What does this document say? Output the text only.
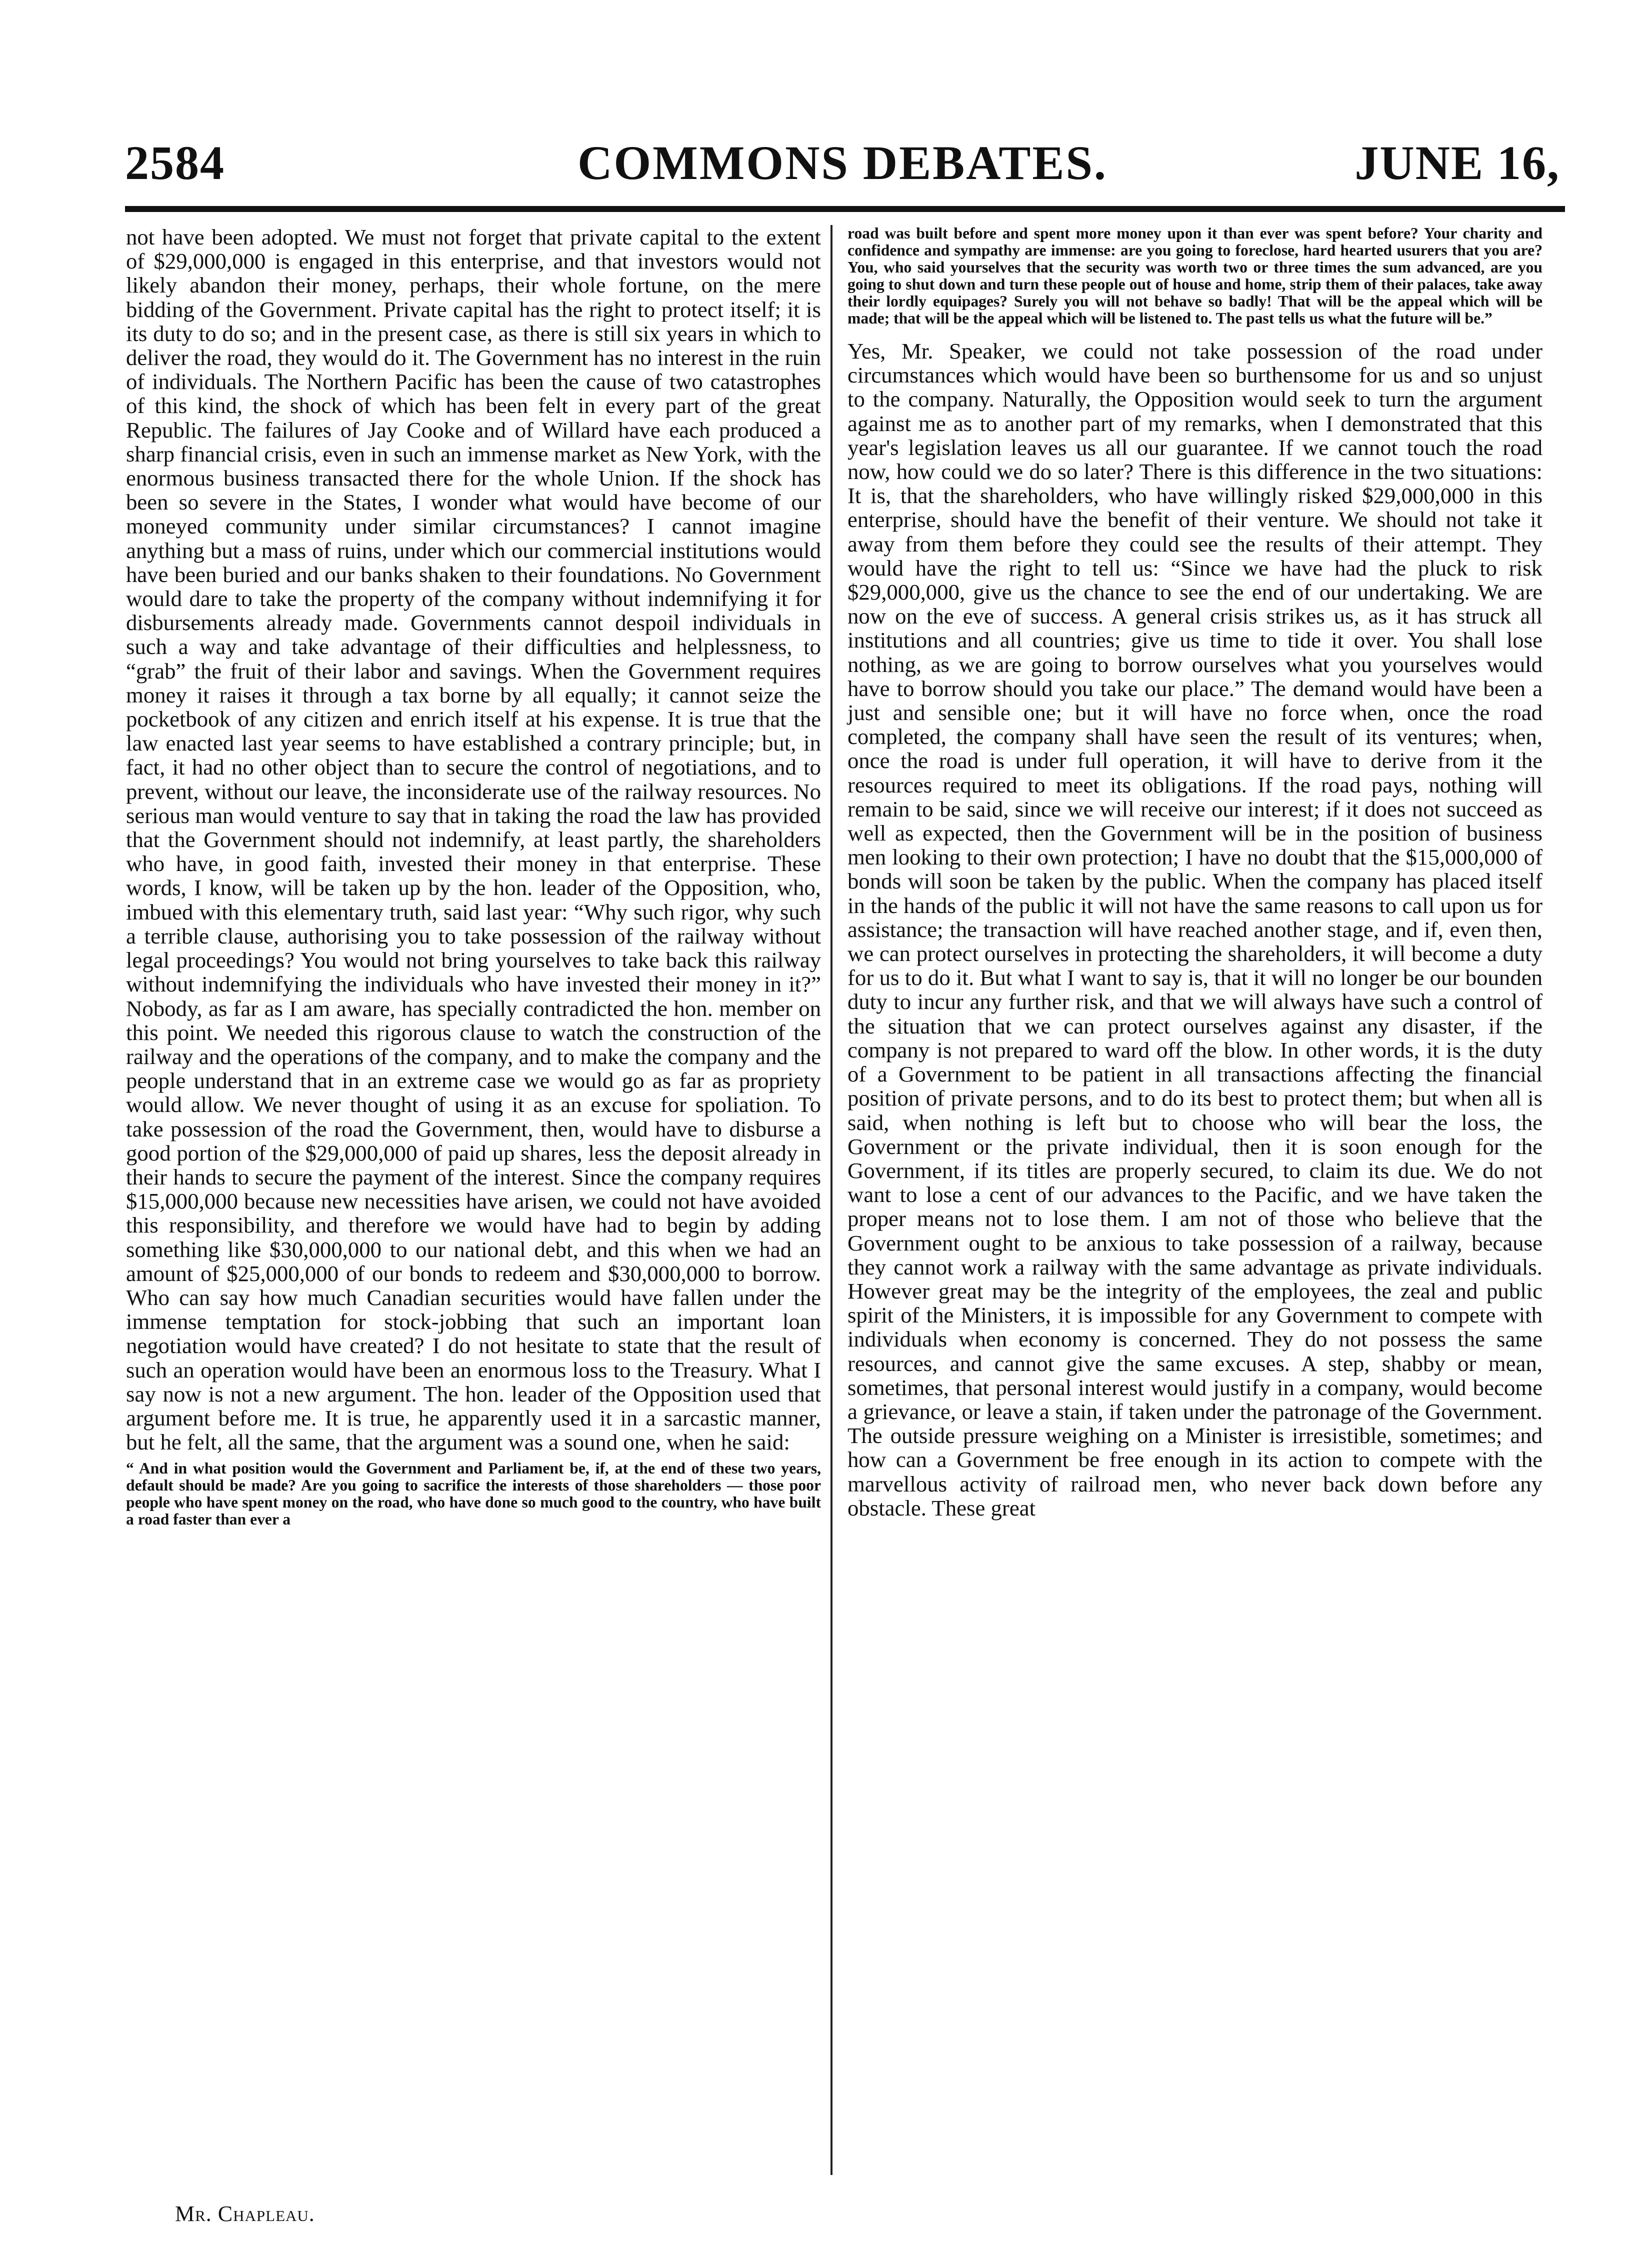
2584	COMMONS DEBATES.	JUNE 16,

not have been adopted. We must not forget that private capital to the extent of $29,000,000 is engaged in this enterprise, and that investors would not likely abandon their money, perhaps, their whole fortune, on the mere bidding of the Government. Private capital has the right to protect itself; it is its duty to do so; and in the present case, as there is still six years in which to deliver the road, they would do it. The Government has no interest in the ruin of individuals. The Northern Pacific has been the cause of two catastrophes of this kind, the shock of which has been felt in every part of the great Republic. The failures of Jay Cooke and of Willard have each produced a sharp financial crisis, even in such an immense market as New York, with the enormous business transacted there for the whole Union. If the shock has been so severe in the States, I wonder what would have become of our moneyed community under similar circumstances? I cannot imagine anything but a mass of ruins, under which our commercial institutions would have been buried and our banks shaken to their foundations. No Government would dare to take the property of the company without indemnifying it for disbursements already made. Governments cannot despoil individuals in such a way and take advantage of their difficulties and helplessness, to “grab” the fruit of their labor and savings. When the Government requires money it raises it through a tax borne by all equally; it cannot seize the pocketbook of any citizen and enrich itself at his expense. It is true that the law enacted last year seems to have established a contrary principle; but, in fact, it had no other object than to secure the control of negotiations, and to prevent, without our leave, the inconsiderate use of the railway resources. No serious man would venture to say that in taking the road the law has provided that the Government should not indemnify, at least partly, the shareholders who have, in good faith, invested their money in that enterprise. These words, I know, will be taken up by the hon. leader of the Opposition, who, imbued with this elementary truth, said last year: “Why such rigor, why such a terrible clause, authorising you to take possession of the railway without legal proceedings? You would not bring yourselves to take back this railway without indemnifying the individuals who have invested their money in it?” Nobody, as far as I am aware, has specially contradicted the hon. member on this point. We needed this rigorous clause to watch the construction of the railway and the operations of the company, and to make the company and the people understand that in an extreme case we would go as far as propriety would allow. We never thought of using it as an excuse for spoliation. To take possession of the road the Government, then, would have to disburse a good portion of the $29,000,000 of paid up shares, less the deposit already in their hands to secure the payment of the interest. Since the company requires $15,000,000 because new necessities have arisen, we could not have avoided this responsibility, and therefore we would have had to begin by adding something like $30,000,000 to our national debt, and this when we had an amount of $25,000,000 of our bonds to redeem and $30,000,000 to borrow. Who can say how much Canadian securities would have fallen under the immense temptation for stock-jobbing that such an important loan negotiation would have created? I do not hesitate to state that the result of such an operation would have been an enormous loss to the Treasury. What I say now is not a new argument. The hon. leader of the Opposition used that argument before me. It is true, he apparently used it in a sarcastic manner, but he felt, all the same, that the argument was a sound one, when he said:

“ And in what position would the Government and Parliament be, if, at the end of these two years, default should be made? Are you going to sacrifice the interests of those shareholders — those poor people who have spent money on the road, who have done so much good to the country, who have built a road faster than ever a

road was built before and spent more money upon it than ever was spent before? Your charity and confidence and sympathy are immense: are you going to foreclose, hard hearted usurers that you are? You, who said yourselves that the security was worth two or three times the sum advanced, are you going to shut down and turn these people out of house and home, strip them of their palaces, take away their lordly equipages? Surely you will not behave so badly! That will be the appeal which will be made; that will be the appeal which will be listened to. The past tells us what the future will be.”

Yes, Mr. Speaker, we could not take possession of the road under circumstances which would have been so burthensome for us and so unjust to the company. Naturally, the Opposition would seek to turn the argument against me as to another part of my remarks, when I demonstrated that this year's legislation leaves us all our guarantee. If we cannot touch the road now, how could we do so later? There is this difference in the two situations: It is, that the shareholders, who have willingly risked $29,000,000 in this enterprise, should have the benefit of their venture. We should not take it away from them before they could see the results of their attempt. They would have the right to tell us: “Since we have had the pluck to risk $29,000,000, give us the chance to see the end of our undertaking. We are now on the eve of success. A general crisis strikes us, as it has struck all institutions and all countries; give us time to tide it over. You shall lose nothing, as we are going to borrow ourselves what you yourselves would have to borrow should you take our place.” The demand would have been a just and sensible one; but it will have no force when, once the road completed, the company shall have seen the result of its ventures; when, once the road is under full operation, it will have to derive from it the resources required to meet its obligations. If the road pays, nothing will remain to be said, since we will receive our interest; if it does not succeed as well as expected, then the Government will be in the position of business men looking to their own protection; I have no doubt that the $15,000,000 of bonds will soon be taken by the public. When the company has placed itself in the hands of the public it will not have the same reasons to call upon us for assistance; the transaction will have reached another stage, and if, even then, we can protect ourselves in protecting the shareholders, it will become a duty for us to do it. But what I want to say is, that it will no longer be our bounden duty to incur any further risk, and that we will always have such a control of the situation that we can protect ourselves against any disaster, if the company is not prepared to ward off the blow. In other words, it is the duty of a Government to be patient in all transactions affecting the financial position of private persons, and to do its best to protect them; but when all is said, when nothing is left but to choose who will bear the loss, the Government or the private individual, then it is soon enough for the Government, if its titles are properly secured, to claim its due. We do not want to lose a cent of our advances to the Pacific, and we have taken the proper means not to lose them. I am not of those who believe that the Government ought to be anxious to take possession of a railway, because they cannot work a railway with the same advantage as private individuals. However great may be the integrity of the employees, the zeal and public spirit of the Ministers, it is impossible for any Government to compete with individuals when economy is concerned. They do not possess the same resources, and cannot give the same excuses. A step, shabby or mean, sometimes, that personal interest would justify in a company, would become a grievance, or leave a stain, if taken under the patronage of the Government. The outside pressure weighing on a Minister is irresistible, sometimes; and how can a Government be free enough in its action to compete with the marvellous activity of railroad men, who never back down before any obstacle. These great

Mr. Chapleau.
